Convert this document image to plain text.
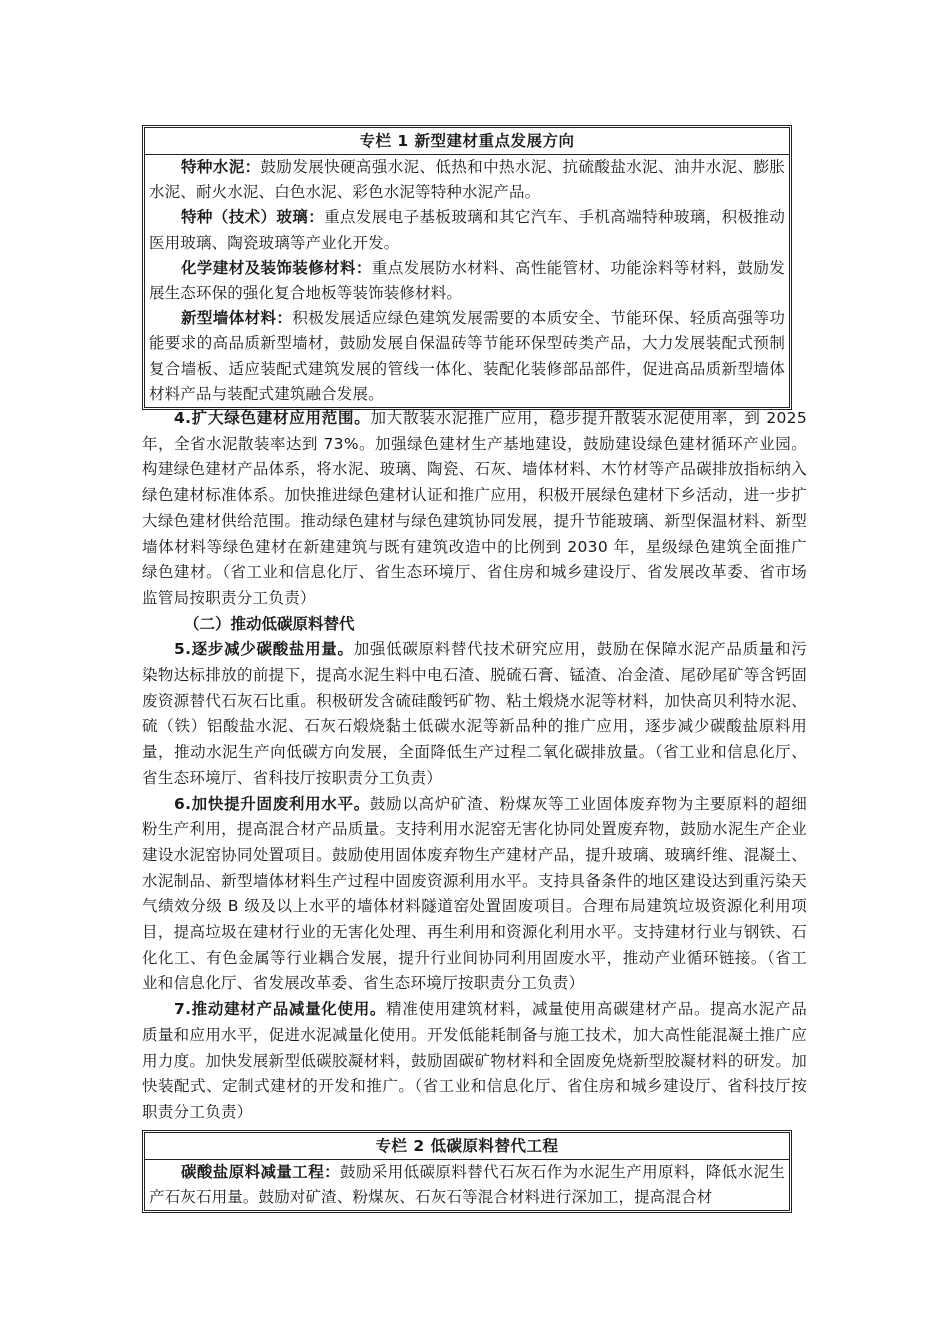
专栏 1 新型建材重点发展方向

特种水泥：鼓励发展快硬高强水泥、低热和中热水泥、抗硫酸盐水泥、油井水泥、膨胀水泥、耐火水泥、白色水泥、彩色水泥等特种水泥产品。

特种（技术）玻璃：重点发展电子基板玻璃和其它汽车、手机高端特种玻璃，积极推动医用玻璃、陶瓷玻璃等产业化开发。

化学建材及装饰装修材料：重点发展防水材料、高性能管材、功能涂料等材料，鼓励发展生态环保的强化复合地板等装饰装修材料。

新型墙体材料：积极发展适应绿色建筑发展需要的本质安全、节能环保、轻质高强等功能要求的高品质新型墙材，鼓励发展自保温砖等节能环保型砖类产品，大力发展装配式预制复合墙板、适应装配式建筑发展的管线一体化、装配化装修部品部件，促进高品质新型墙体材料产品与装配式建筑融合发展。

4.扩大绿色建材应用范围。加大散装水泥推广应用，稳步提升散装水泥使用率，到 2025 年，全省水泥散装率达到 73%。加强绿色建材生产基地建设，鼓励建设绿色建材循环产业园。构建绿色建材产品体系，将水泥、玻璃、陶瓷、石灰、墙体材料、木竹材等产品碳排放指标纳入绿色建材标准体系。加快推进绿色建材认证和推广应用，积极开展绿色建材下乡活动，进一步扩大绿色建材供给范围。推动绿色建材与绿色建筑协同发展，提升节能玻璃、新型保温材料、新型墙体材料等绿色建材在新建建筑与既有建筑改造中的比例到 2030 年，星级绿色建筑全面推广绿色建材。（省工业和信息化厅、省生态环境厅、省住房和城乡建设厅、省发展改革委、省市场监管局按职责分工负责）

（二）推动低碳原料替代

5.逐步减少碳酸盐用量。加强低碳原料替代技术研究应用，鼓励在保障水泥产品质量和污染物达标排放的前提下，提高水泥生料中电石渣、脱硫石膏、锰渣、冶金渣、尾砂尾矿等含钙固废资源替代石灰石比重。积极研发含硫硅酸钙矿物、粘土煅烧水泥等材料，加快高贝利特水泥、硫（铁）铝酸盐水泥、石灰石煅烧黏土低碳水泥等新品种的推广应用，逐步减少碳酸盐原料用量，推动水泥生产向低碳方向发展，全面降低生产过程二氧化碳排放量。（省工业和信息化厅、省生态环境厅、省科技厅按职责分工负责）

6.加快提升固废利用水平。鼓励以高炉矿渣、粉煤灰等工业固体废弃物为主要原料的超细粉生产利用，提高混合材产品质量。支持利用水泥窑无害化协同处置废弃物，鼓励水泥生产企业建设水泥窑协同处置项目。鼓励使用固体废弃物生产建材产品，提升玻璃、玻璃纤维、混凝土、水泥制品、新型墙体材料生产过程中固废资源利用水平。支持具备条件的地区建设达到重污染天气绩效分级 B 级及以上水平的墙体材料隧道窑处置固废项目。合理布局建筑垃圾资源化利用项目，提高垃圾在建材行业的无害化处理、再生利用和资源化利用水平。支持建材行业与钢铁、石化化工、有色金属等行业耦合发展，提升行业间协同利用固废水平，推动产业循环链接。（省工业和信息化厅、省发展改革委、省生态环境厅按职责分工负责）

7.推动建材产品减量化使用。精准使用建筑材料，减量使用高碳建材产品。提高水泥产品质量和应用水平，促进水泥减量化使用。开发低能耗制备与施工技术，加大高性能混凝土推广应用力度。加快发展新型低碳胶凝材料，鼓励固碳矿物材料和全固废免烧新型胶凝材料的研发。加快装配式、定制式建材的开发和推广。（省工业和信息化厅、省住房和城乡建设厅、省科技厅按职责分工负责）

专栏 2 低碳原料替代工程

碳酸盐原料减量工程：鼓励采用低碳原料替代石灰石作为水泥生产用原料，降低水泥生产石灰石用量。鼓励对矿渣、粉煤灰、石灰石等混合材料进行深加工，提高混合材
